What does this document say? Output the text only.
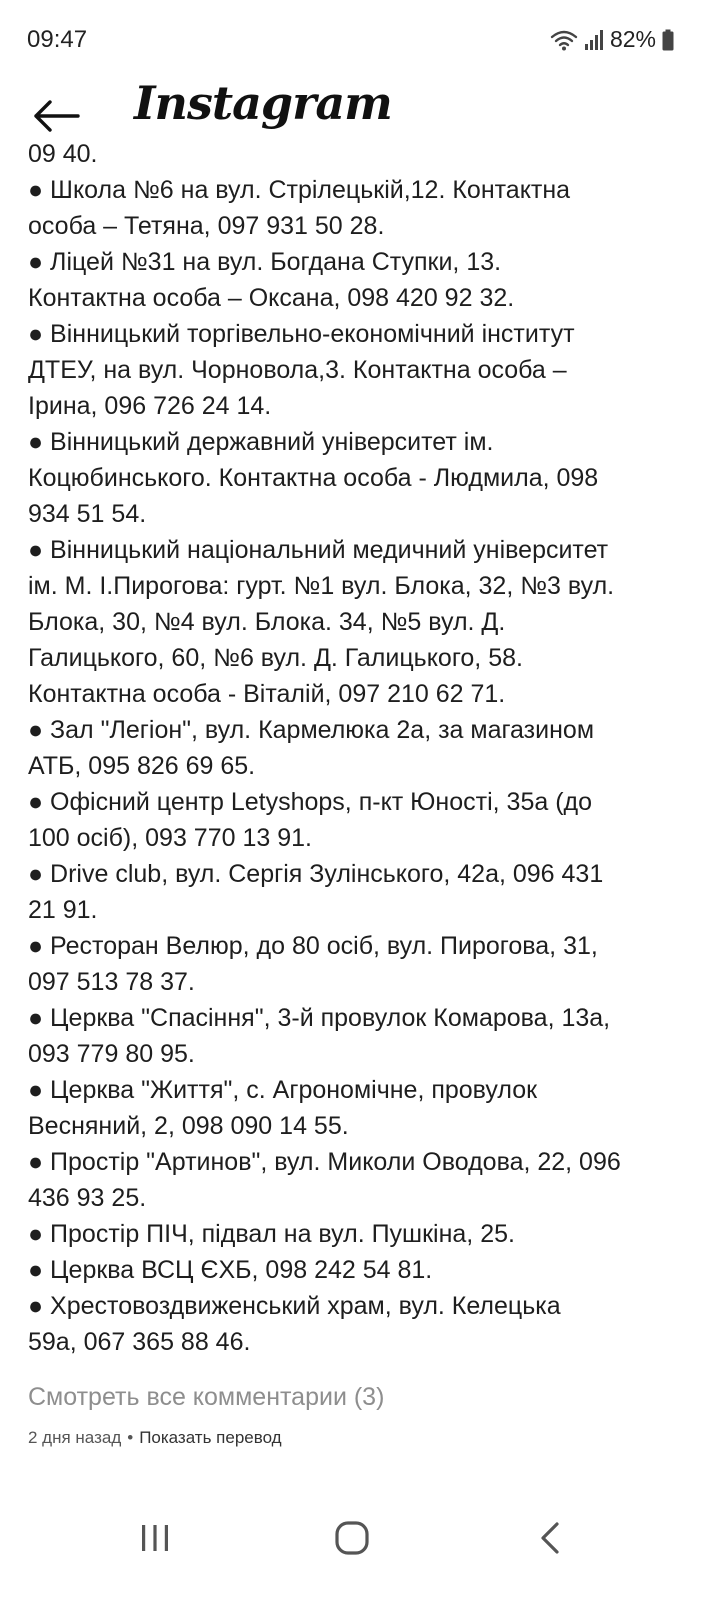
09:47	82%
Instagram
09 40.
● Школа №6 на вул. Стрілецькій,12. Контактна
особа – Тетяна, 097 931 50 28.
● Ліцей №31 на вул. Богдана Ступки, 13.
Контактна особа – Оксана, 098 420 92 32.
● Вінницький торгівельно-економічний інститут
ДТЕУ, на вул. Чорновола,3. Контактна особа –
Ірина, 096 726 24 14.
● Вінницький державний університет ім.
Коцюбинського. Контактна особа - Людмила, 098
934 51 54.
● Вінницький національний медичний університет
ім. М. І.Пирогова: гурт. №1 вул. Блока, 32, №3 вул.
Блока, 30, №4 вул. Блока. 34, №5 вул. Д.
Галицького, 60, №6 вул. Д. Галицького, 58.
Контактна особа - Віталій, 097 210 62 71.
● Зал "Легіон", вул. Кармелюка 2а, за магазином
АТБ, 095 826 69 65.
● Офісний центр Letyshops, п-кт Юності, 35а (до
100 осіб), 093 770 13 91.
● Drive club, вул. Сергія Зулінського, 42а, 096 431
21 91.
● Ресторан Велюр, до 80 осіб, вул. Пирогова, 31,
097 513 78 37.
● Церква "Спасіння", 3-й провулок Комарова, 13а,
093 779 80 95.
● Церква "Життя", с. Агрономічне, провулок
Весняний, 2, 098 090 14 55.
● Простір "Артинов", вул. Миколи Оводова, 22, 096
436 93 25.
● Простір ПІЧ, підвал на вул. Пушкіна, 25.
● Церква ВСЦ ЄХБ, 098 242 54 81.
● Хрестовоздвиженський храм, вул. Келецька
59а, 067 365 88 46.
Смотреть все комментарии (3)
2 дня назад • Показать перевод
